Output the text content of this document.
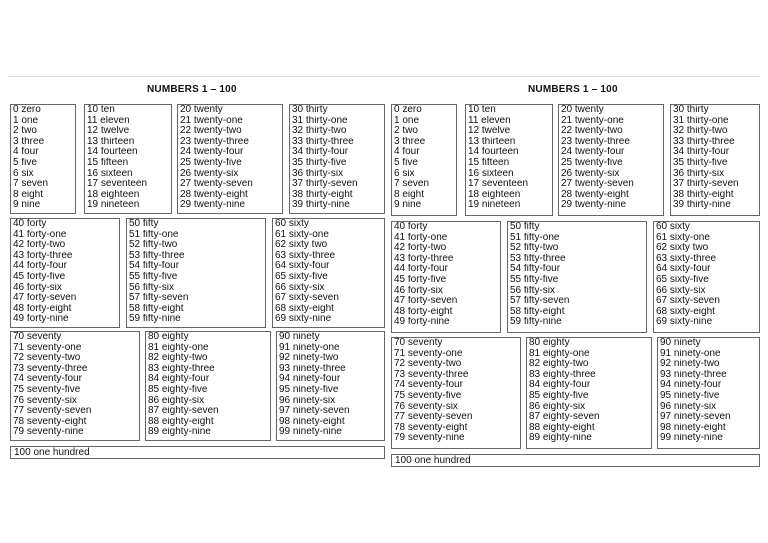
NUMBERS 1 – 100
0 zero
1 one
2 two
3 three
4 four
5 five
6 six
7 seven
8 eight
9 nine
10 ten
11 eleven
12 twelve
13 thirteen
14 fourteen
15 fifteen
16 sixteen
17 seventeen
18 eighteen
19 nineteen
20 twenty
21 twenty-one
22 twenty-two
23 twenty-three
24 twenty-four
25 twenty-five
26 twenty-six
27 twenty-seven
28 twenty-eight
29 twenty-nine
30 thirty
31 thirty-one
32 thirty-two
33 thirty-three
34 thirty-four
35 thirty-five
36 thirty-six
37 thirty-seven
38 thirty-eight
39 thirty-nine
40 forty
41 forty-one
42 forty-two
43 forty-three
44 forty-four
45 forty-five
46 forty-six
47 forty-seven
48 forty-eight
49 forty-nine
50 fifty
51 fifty-one
52 fifty-two
53 fifty-three
54 fifty-four
55 fifty-five
56 fifty-six
57 fifty-seven
58 fifty-eight
59 fifty-nine
60 sixty
61 sixty-one
62 sixty two
63 sixty-three
64 sixty-four
65 sixty-five
66 sixty-six
67 sixty-seven
68 sixty-eight
69 sixty-nine
70 seventy
71 seventy-one
72 seventy-two
73 seventy-three
74 seventy-four
75 seventy-five
76 seventy-six
77 seventy-seven
78 seventy-eight
79 seventy-nine
80 eighty
81 eighty-one
82 eighty-two
83 eighty-three
84 eighty-four
85 eighty-five
86 eighty-six
87 eighty-seven
88 eighty-eight
89 eighty-nine
90 ninety
91 ninety-one
92 ninety-two
93 ninety-three
94 ninety-four
95 ninety-five
96 ninety-six
97 ninety-seven
98 ninety-eight
99 ninety-nine
100 one hundred
NUMBERS 1 – 100
0 zero
1 one
2 two
3 three
4 four
5 five
6 six
7 seven
8 eight
9 nine
10 ten
11 eleven
12 twelve
13 thirteen
14 fourteen
15 fifteen
16 sixteen
17 seventeen
18 eighteen
19 nineteen
20 twenty
21 twenty-one
22 twenty-two
23 twenty-three
24 twenty-four
25 twenty-five
26 twenty-six
27 twenty-seven
28 twenty-eight
29 twenty-nine
30 thirty
31 thirty-one
32 thirty-two
33 thirty-three
34 thirty-four
35 thirty-five
36 thirty-six
37 thirty-seven
38 thirty-eight
39 thirty-nine
40 forty
41 forty-one
42 forty-two
43 forty-three
44 forty-four
45 forty-five
46 forty-six
47 forty-seven
48 forty-eight
49 forty-nine
50 fifty
51 fifty-one
52 fifty-two
53 fifty-three
54 fifty-four
55 fifty-five
56 fifty-six
57 fifty-seven
58 fifty-eight
59 fifty-nine
60 sixty
61 sixty-one
62 sixty two
63 sixty-three
64 sixty-four
65 sixty-five
66 sixty-six
67 sixty-seven
68 sixty-eight
69 sixty-nine
70 seventy
71 seventy-one
72 seventy-two
73 seventy-three
74 seventy-four
75 seventy-five
76 seventy-six
77 seventy-seven
78 seventy-eight
79 seventy-nine
80 eighty
81 eighty-one
82 eighty-two
83 eighty-three
84 eighty-four
85 eighty-five
86 eighty-six
87 eighty-seven
88 eighty-eight
89 eighty-nine
90 ninety
91 ninety-one
92 ninety-two
93 ninety-three
94 ninety-four
95 ninety-five
96 ninety-six
97 ninety-seven
98 ninety-eight
99 ninety-nine
100 one hundred
